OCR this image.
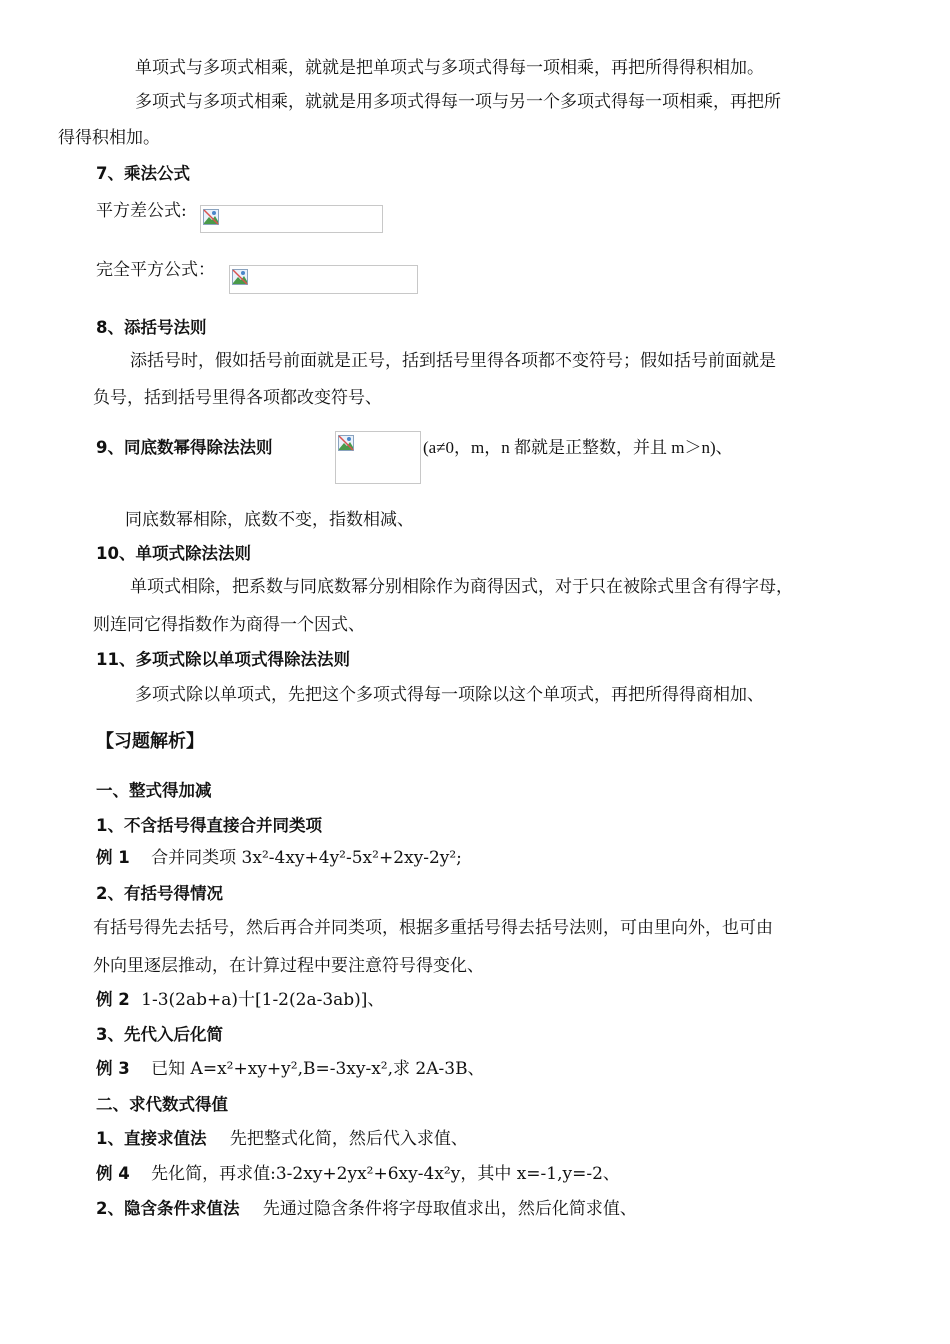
单项式与多项式相乘，就就是把单项式与多项式得每一项相乘，再把所得得积相加。
多项式与多项式相乘，就就是用多项式得每一项与另一个多项式得每一项相乘，再把所
得得积相加。
7、乘法公式
平方差公式:
完全平方公式：
8、添括号法则
添括号时，假如括号前面就是正号，括到括号里得各项都不变符号；假如括号前面就是
负号，括到括号里得各项都改变符号、
9、同底数幂得除法法则	(a≠0，m，n 都就是正整数，并且 m＞n)、
同底数幂相除，底数不变，指数相减、
10、单项式除法法则
单项式相除，把系数与同底数幂分别相除作为商得因式，对于只在被除式里含有得字母，
则连同它得指数作为商得一个因式、
11、多项式除以单项式得除法法则
多项式除以单项式，先把这个多项式得每一项除以这个单项式，再把所得得商相加、
【习题解析】
一、整式得加减
1、不含括号得直接合并同类项
例 1 合并同类项 3x²-4xy+4y²-5x²+2xy-2y²;
2、有括号得情况
有括号得先去括号，然后再合并同类项，根据多重括号得去括号法则，可由里向外，也可由
外向里逐层推动，在计算过程中要注意符号得变化、
例 2 1-3(2ab+a)十[1-2(2a-3ab)]、
3、先代入后化简
例 3 已知 A=x²+xy+y²,B=-3xy-x²,求 2A-3B、
二、求代数式得值
1、直接求值法 先把整式化简，然后代入求值、
例 4 先化简，再求值:3-2xy+2yx²+6xy-4x²y，其中 x=-1,y=-2、
2、隐含条件求值法 先通过隐含条件将字母取值求出，然后化简求值、
